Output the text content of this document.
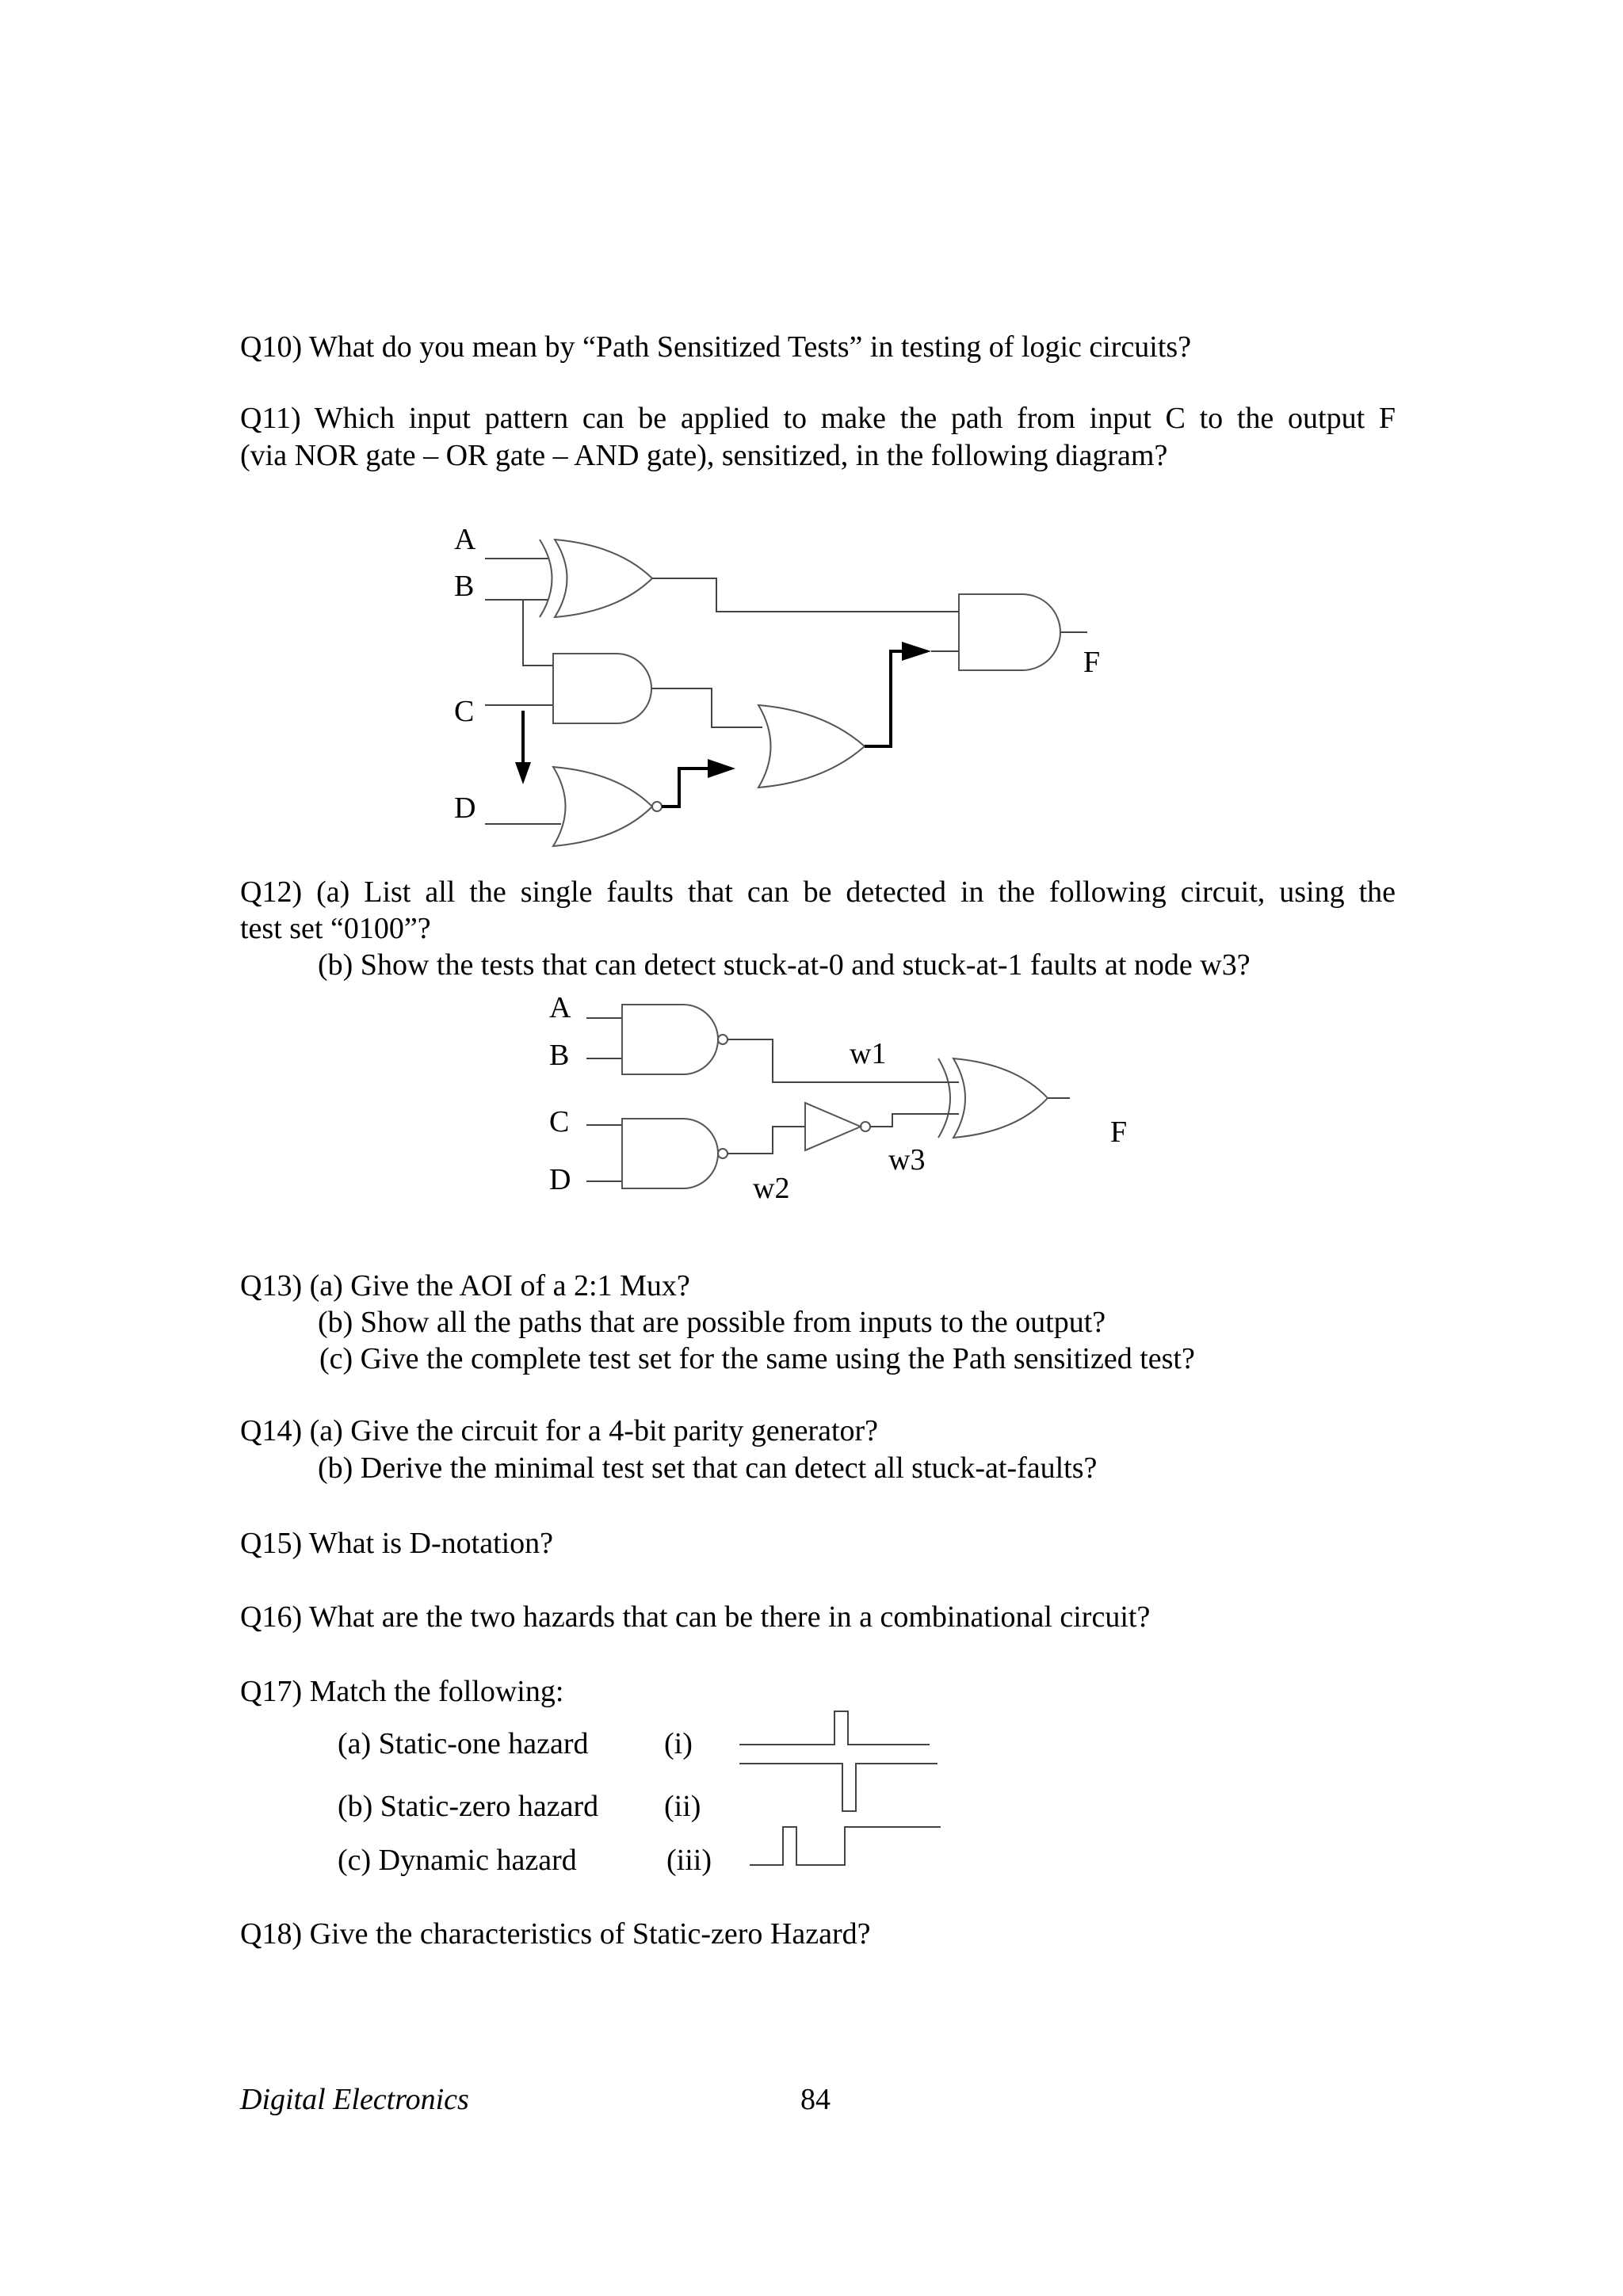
Q10) What do you mean by “Path Sensitized Tests” in testing of logic circuits?
Q11) Which input pattern can be applied to make the path from input C to the output F
(via NOR gate – OR gate – AND gate), sensitized, in the following diagram?
A
B
C
D
F
Q12) (a) List all the single faults that can be detected in the following circuit, using the
test set “0100”?
(b) Show the tests that can detect stuck-at-0 and stuck-at-1 faults at node w3?
A
B
C
D
w1
w2
w3
F
Q13) (a) Give the AOI of a 2:1 Mux?
(b) Show all the paths that are possible from inputs to the output?
(c) Give the complete test set for the same using the Path sensitized test?
Q14) (a) Give the circuit for a 4-bit parity generator?
(b) Derive the minimal test set that can detect all stuck-at-faults?
Q15) What is D-notation?
Q16) What are the two hazards that can be there in a combinational circuit?
Q17) Match the following:
(a) Static-one hazard	(i)
(b) Static-zero hazard (ii)
(c) Dynamic hazard	(iii)
Q18) Give the characteristics of Static-zero Hazard?
Digital Electronics	84
